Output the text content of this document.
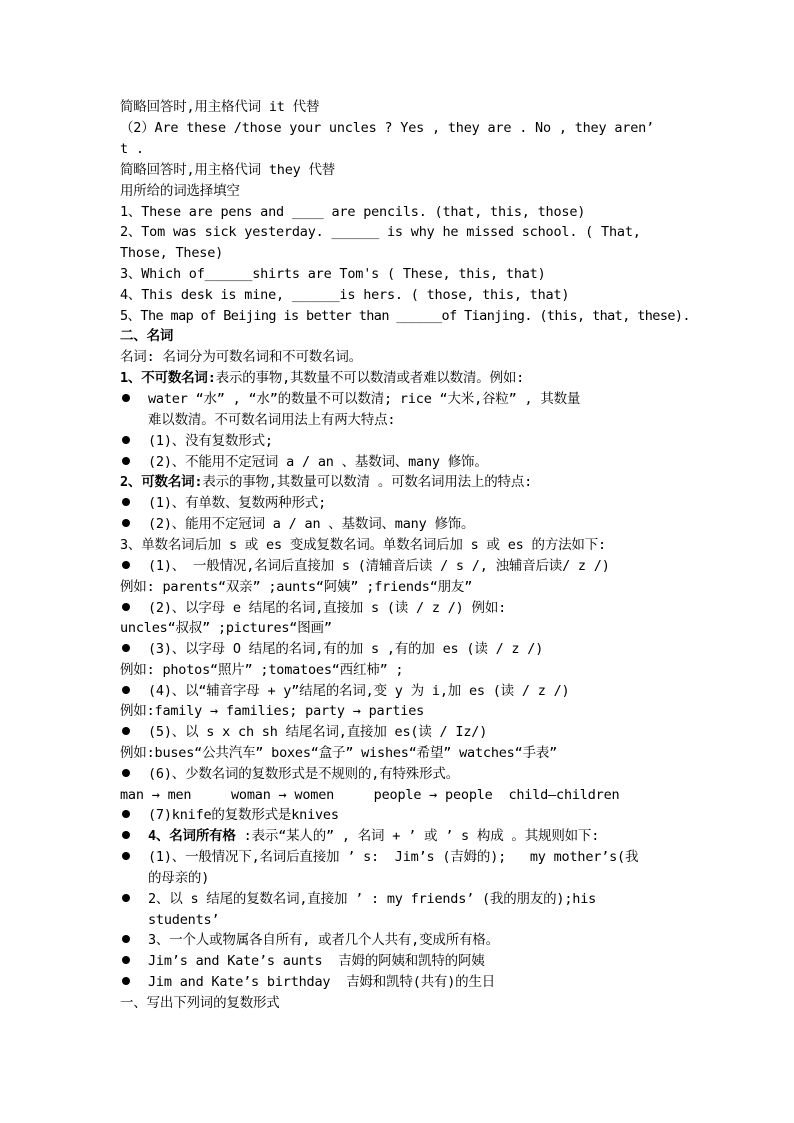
简略回答时,用主格代词 it 代替
（2）Are these /those your uncles ? Yes , they are . No , they aren’
t .
简略回答时,用主格代词 they 代替
用所给的词选择填空
1、These are pens and ____ are pencils. (that, this, those)
2、Tom was sick yesterday. ______ is why he missed school. ( That,
Those, These)
3、Which of______shirts are Tom's ( These, this, that)
4、This desk is mine, ______is hers. ( those, this, that)
5、The map of Beijing is better than ______of Tianjing. (this, that, these).
二、名词
名词: 名词分为可数名词和不可数名词。
1、不可数名词:表示的事物,其数量不可以数清或者难以数清。例如:
water “水” , “水”的数量不可以数清; rice “大米,谷粒” , 其数量
难以数清。不可数名词用法上有两大特点:
(1)、没有复数形式;
(2)、不能用不定冠词 a / an 、基数词、many 修饰。
2、可数名词:表示的事物,其数量可以数清 。可数名词用法上的特点:
(1)、有单数、复数两种形式;
(2)、能用不定冠词 a / an 、基数词、many 修饰。
3、单数名词后加 s 或 es 变成复数名词。单数名词后加 s 或 es 的方法如下:
(1)、 一般情况,名词后直接加 s (清辅音后读 / s /, 浊辅音后读/ z /)
例如: parents“双亲” ;aunts“阿姨” ;friends“朋友”
(2)、以字母 e 结尾的名词,直接加 s (读 / z /) 例如:
uncles“叔叔” ;pictures“图画”
(3)、以字母 O 结尾的名词,有的加 s ,有的加 es (读 / z /)
例如: photos“照片” ;tomatoes“西红柿” ;
(4)、以“辅音字母 + y”结尾的名词,变 y 为 i,加 es (读 / z /)
例如:family → families; party → parties
(5)、以 s x ch sh 结尾名词,直接加 es(读 / Iz/)
例如:buses“公共汽车” boxes“盒子” wishes“希望” watches“手表”
(6)、少数名词的复数形式是不规则的,有特殊形式。
man → men     woman → women     people → people  child—children
(7)knife的复数形式是knives
4、名词所有格 :表示“某人的” , 名词 + ’ 或 ’ s 构成 。其规则如下:
(1)、一般情况下,名词后直接加 ’ s:  Jim’s (吉姆的);   my mother’s(我
的母亲的)
2、以 s 结尾的复数名词,直接加 ’ : my friends’ (我的朋友的);his
students’
3、一个人或物属各自所有, 或者几个人共有,变成所有格。
Jim’s and Kate’s aunts  吉姆的阿姨和凯特的阿姨
Jim and Kate’s birthday  吉姆和凯特(共有)的生日
一、写出下列词的复数形式
